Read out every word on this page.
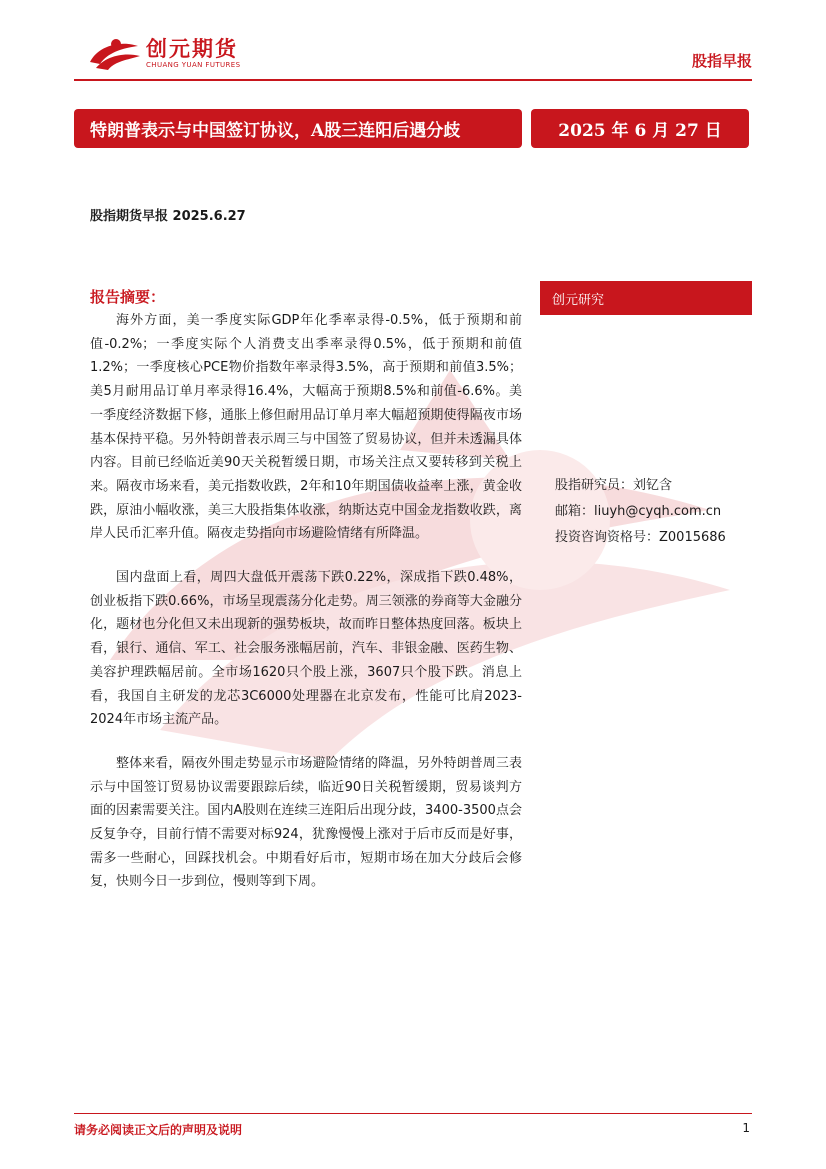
创元期货
CHUANG YUAN FUTURES	股指早报
特朗普表示与中国签订协议，A股三连阳后遇分歧	2025 年 6 月 27 日
股指期货早报 2025.6.27
创元研究
股指研究员：刘钇含
邮箱：liuyh@cyqh.com.cn
投资咨询资格号：Z0015686
报告摘要：

海外方面，美一季度实际GDP年化季率录得-0.5%，低于预期和前值-0.2%；一季度实际个人消费支出季率录得0.5%，低于预期和前值1.2%；一季度核心PCE物价指数年率录得3.5%，高于预期和前值3.5%；美5月耐用品订单月率录得16.4%，大幅高于预期8.5%和前值-6.6%。美一季度经济数据下修，通胀上修但耐用品订单月率大幅超预期使得隔夜市场基本保持平稳。另外特朗普表示周三与中国签了贸易协议，但并未透漏具体内容。目前已经临近美90天关税暂缓日期，市场关注点又要转移到关税上来。隔夜市场来看，美元指数收跌，2年和10年期国债收益率上涨，黄金收跌，原油小幅收涨，美三大股指集体收涨，纳斯达克中国金龙指数收跌，离岸人民币汇率升值。隔夜走势指向市场避险情绪有所降温。

国内盘面上看，周四大盘低开震荡下跌0.22%，深成指下跌0.48%，创业板指下跌0.66%，市场呈现震荡分化走势。周三领涨的券商等大金融分化，题材也分化但又未出现新的强势板块，故而昨日整体热度回落。板块上看，银行、通信、军工、社会服务涨幅居前，汽车、非银金融、医药生物、美容护理跌幅居前。全市场1620只个股上涨，3607只个股下跌。消息上看，我国自主研发的龙芯3C6000处理器在北京发布，性能可比肩2023-2024年市场主流产品。

整体来看，隔夜外围走势显示市场避险情绪的降温，另外特朗普周三表示与中国签订贸易协议需要跟踪后续，临近90日关税暂缓期，贸易谈判方面的因素需要关注。国内A股则在连续三连阳后出现分歧，3400-3500点会反复争夺，目前行情不需要对标924，犹豫慢慢上涨对于后市反而是好事，需多一些耐心，回踩找机会。中期看好后市，短期市场在加大分歧后会修复，快则今日一步到位，慢则等到下周。

请务必阅读正文后的声明及说明	1
